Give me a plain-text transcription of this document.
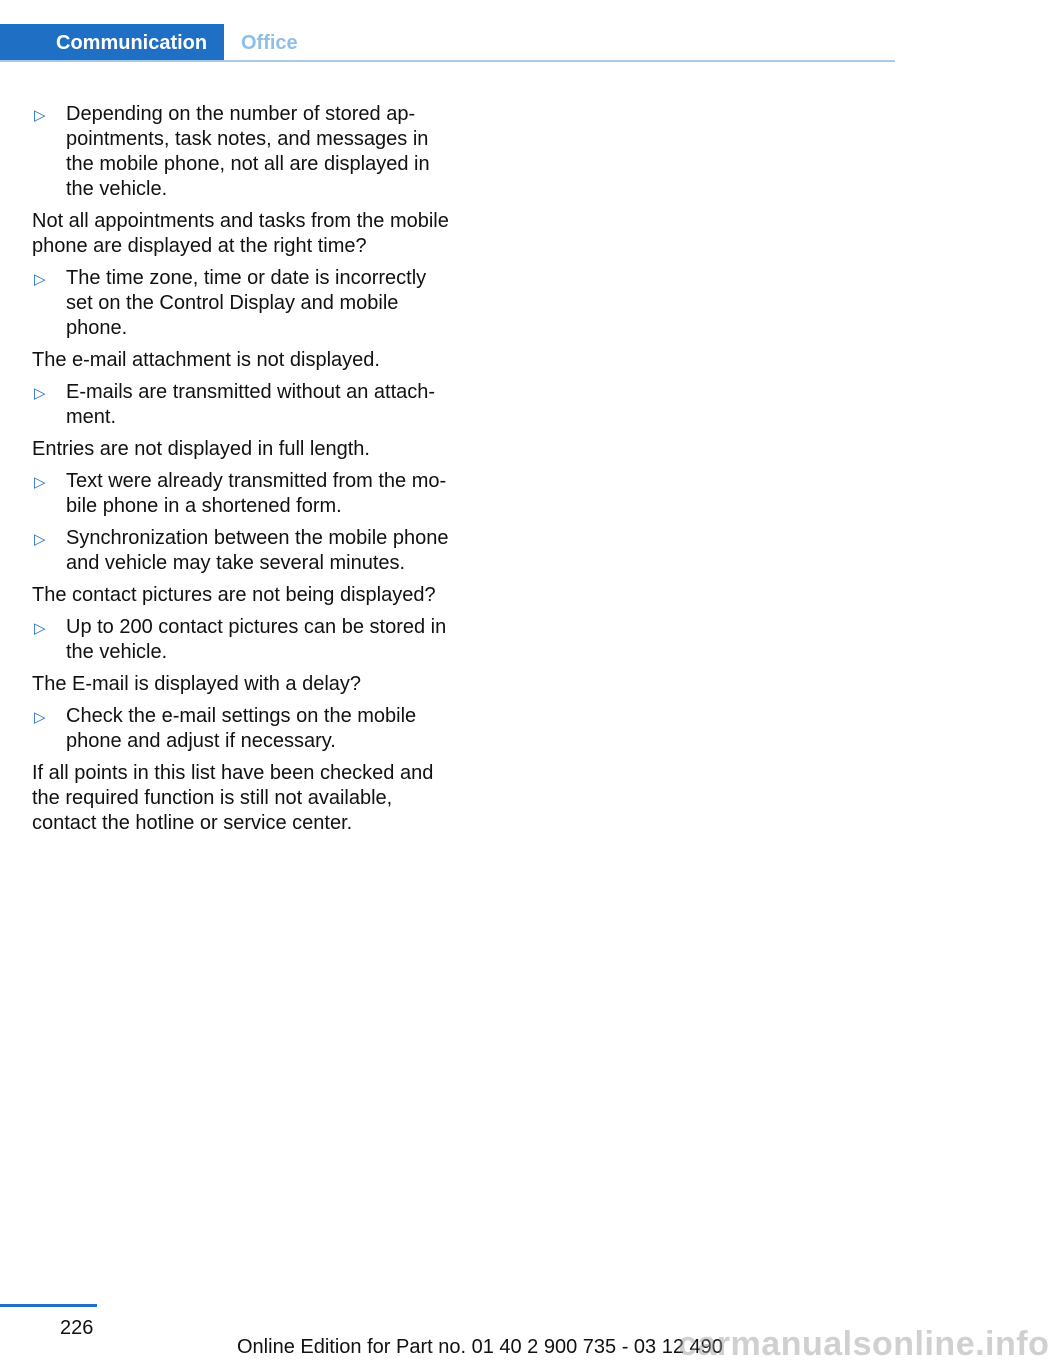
Communication	Office
▷ Depending on the number of stored ap‐ pointments, task notes, and messages in the mobile phone, not all are displayed in the vehicle.

Not all appointments and tasks from the mobile phone are displayed at the right time?

▷ The time zone, time or date is incorrectly set on the Control Display and mobile phone.

The e-mail attachment is not displayed.

▷ E-mails are transmitted without an attach‐ ment.

Entries are not displayed in full length.

▷ Text were already transmitted from the mo‐ bile phone in a shortened form.
▷ Synchronization between the mobile phone and vehicle may take several minutes.

The contact pictures are not being displayed?

▷ Up to 200 contact pictures can be stored in the vehicle.

The E-mail is displayed with a delay?

▷ Check the e-mail settings on the mobile phone and adjust if necessary.

If all points in this list have been checked and the required function is still not available, contact the hotline or service center.

226
Online Edition for Part no. 01 40 2 900 735 - 03 12 490
carmanualsonline.info
